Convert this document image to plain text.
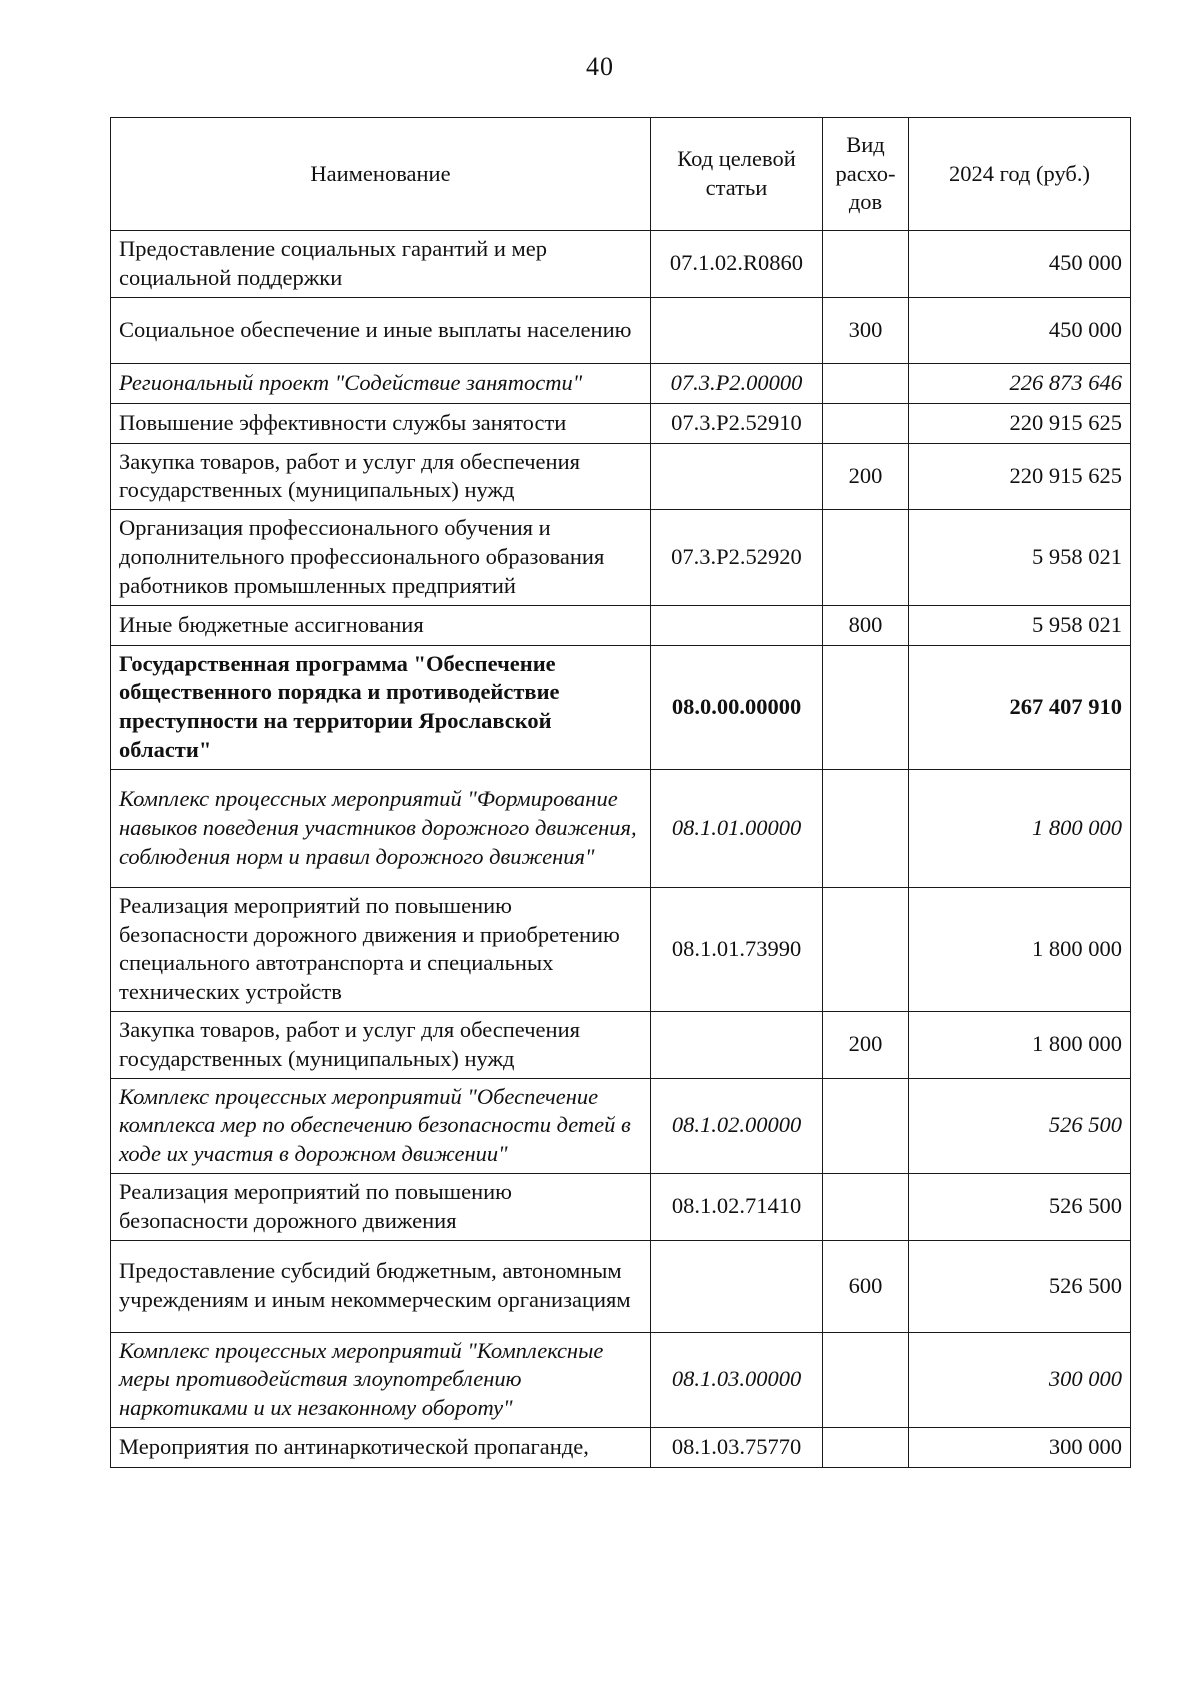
40
Наименование	Код целевой статьи	Вид расхо-дов	2024 год (руб.)
Предоставление социальных гарантий и мер социальной поддержки	07.1.02.R0860		450 000
Социальное обеспечение и иные выплаты населению		300	450 000
Региональный проект "Содействие занятости"	07.3.P2.00000		226 873 646
Повышение эффективности службы занятости	07.3.P2.52910		220 915 625
Закупка товаров, работ и услуг для обеспечения государственных (муниципальных) нужд		200	220 915 625
Организация профессионального обучения и дополнительного профессионального образования работников промышленных предприятий	07.3.P2.52920		5 958 021
Иные бюджетные ассигнования		800	5 958 021
Государственная программа "Обеспечение общественного порядка и противодействие преступности на территории Ярославской области"	08.0.00.00000		267 407 910
Комплекс процессных мероприятий "Формирование навыков поведения участников дорожного движения, соблюдения норм и правил дорожного движения"	08.1.01.00000		1 800 000
Реализация мероприятий по повышению безопасности дорожного движения и приобретению специального автотранспорта и специальных технических устройств	08.1.01.73990		1 800 000
Закупка товаров, работ и услуг для обеспечения государственных (муниципальных) нужд		200	1 800 000
Комплекс процессных мероприятий "Обеспечение комплекса мер по обеспечению безопасности детей в ходе их участия в дорожном движении"	08.1.02.00000		526 500
Реализация мероприятий по повышению безопасности дорожного движения	08.1.02.71410		526 500
Предоставление субсидий бюджетным, автономным учреждениям и иным некоммерческим организациям		600	526 500
Комплекс процессных мероприятий "Комплексные меры противодействия злоупотреблению наркотиками и их незаконному обороту"	08.1.03.00000		300 000
Мероприятия по антинаркотической пропаганде,	08.1.03.75770		300 000
